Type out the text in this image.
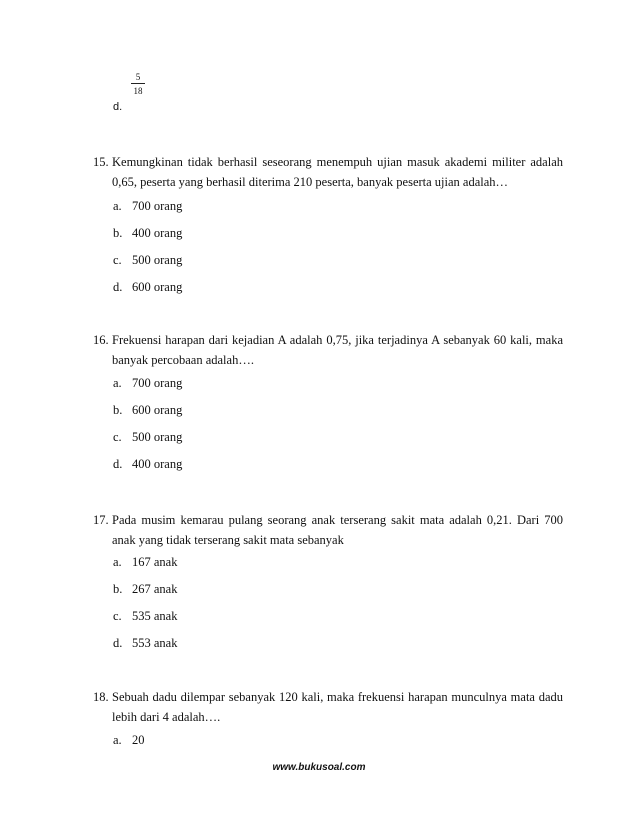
5
18
d.
15. Kemungkinan tidak berhasil seseorang menempuh ujian masuk akademi militer adalah 0,65, peserta yang berhasil diterima 210 peserta, banyak peserta ujian adalah…
a. 700 orang
b. 400 orang
c. 500 orang
d. 600 orang
16. Frekuensi harapan dari kejadian A adalah 0,75, jika terjadinya A sebanyak 60 kali, maka banyak percobaan adalah….
a. 700 orang
b. 600 orang
c. 500 orang
d. 400 orang
17. Pada musim kemarau pulang seorang anak terserang sakit mata adalah 0,21. Dari 700 anak yang tidak terserang sakit mata sebanyak
a. 167 anak
b. 267 anak
c. 535 anak
d. 553 anak
18. Sebuah dadu dilempar sebanyak 120 kali, maka frekuensi harapan munculnya mata dadu lebih dari 4 adalah….
a. 20
www.bukusoal.com
